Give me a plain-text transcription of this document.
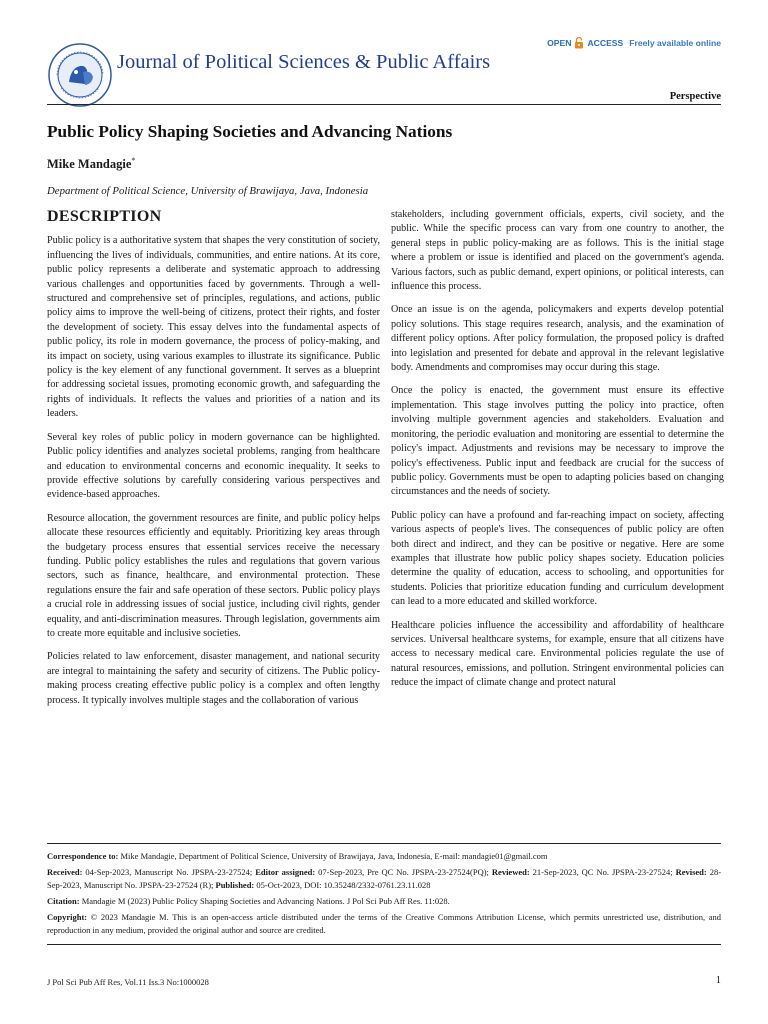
Journal of Political Sciences & Public Affairs
OPEN ACCESS Freely available online
Perspective
Public Policy Shaping Societies and Advancing Nations
Mike Mandagie*
Department of Political Science, University of Brawijaya, Java, Indonesia
DESCRIPTION

Public policy is a authoritative system that shapes the very constitution of society, influencing the lives of individuals, communities, and entire nations. At its core, public policy represents a deliberate and systematic approach to addressing various challenges and opportunities faced by governments. Through a well-structured and comprehensive set of principles, regulations, and actions, public policy aims to improve the well-being of citizens, protect their rights, and foster the development of society. This essay delves into the fundamental aspects of public policy, its role in modern governance, the process of policy-making, and its impact on society, using various examples to illustrate its significance. Public policy is the key element of any functional government. It serves as a blueprint for addressing societal issues, promoting economic growth, and safeguarding the rights of individuals. It reflects the values and priorities of a nation and its leaders.

Several key roles of public policy in modern governance can be highlighted. Public policy identifies and analyzes societal problems, ranging from healthcare and education to environmental concerns and economic inequality. It seeks to provide effective solutions by carefully considering various perspectives and evidence-based approaches.

Resource allocation, the government resources are finite, and public policy helps allocate these resources efficiently and equitably. Prioritizing key areas through the budgetary process ensures that essential services receive the necessary funding. Public policy establishes the rules and regulations that govern various sectors, such as finance, healthcare, and environmental protection. These regulations ensure the fair and safe operation of these sectors. Public policy plays a crucial role in addressing issues of social justice, including civil rights, gender equality, and anti-discrimination measures. Through legislation, governments aim to create more equitable and inclusive societies.

Policies related to law enforcement, disaster management, and national security are integral to maintaining the safety and security of citizens. The Public policy-making process creating effective public policy is a complex and often lengthy process. It typically involves multiple stages and the collaboration of various

stakeholders, including government officials, experts, civil society, and the public. While the specific process can vary from one country to another, the general steps in public policy-making are as follows. This is the initial stage where a problem or issue is identified and placed on the government's agenda. Various factors, such as public demand, expert opinions, or political interests, can influence this process.

Once an issue is on the agenda, policymakers and experts develop potential policy solutions. This stage requires research, analysis, and the examination of different policy options. After policy formulation, the proposed policy is drafted into legislation and presented for debate and approval in the relevant legislative body. Amendments and compromises may occur during this stage.

Once the policy is enacted, the government must ensure its effective implementation. This stage involves putting the policy into practice, often involving multiple government agencies and stakeholders. Evaluation and monitoring, the periodic evaluation and monitoring are essential to determine the policy's impact. Adjustments and revisions may be necessary to improve the policy's effectiveness. Public input and feedback are crucial for the success of public policy. Governments must be open to adapting policies based on changing circumstances and the needs of society.

Public policy can have a profound and far-reaching impact on society, affecting various aspects of people's lives. The consequences of public policy are often both direct and indirect, and they can be positive or negative. Here are some examples that illustrate how public policy shapes society. Education policies determine the quality of education, access to schooling, and opportunities for students. Policies that prioritize education funding and curriculum development can lead to a more educated and skilled workforce.

Healthcare policies influence the accessibility and affordability of healthcare services. Universal healthcare systems, for example, ensure that all citizens have access to necessary medical care. Environmental policies regulate the use of natural resources, emissions, and pollution. Stringent environmental policies can reduce the impact of climate change and protect natural

Correspondence to: Mike Mandagie, Department of Political Science, University of Brawijaya, Java, Indonesia, E-mail: mandagie01@gmail.com

Received: 04-Sep-2023, Manuscript No. JPSPA-23-27524; Editor assigned: 07-Sep-2023, Pre QC No. JPSPA-23-27524(PQ); Reviewed: 21-Sep-2023, QC No. JPSPA-23-27524; Revised: 28-Sep-2023, Manuscript No. JPSPA-23-27524 (R); Published: 05-Oct-2023, DOI: 10.35248/2332-0761.23.11.028

Citation: Mandagie M (2023) Public Policy Shaping Societies and Advancing Nations. J Pol Sci Pub Aff Res. 11:028.

Copyright: © 2023 Mandagie M. This is an open-access article distributed under the terms of the Creative Commons Attribution License, which permits unrestricted use, distribution, and reproduction in any medium, provided the original author and source are credited.

J Pol Sci Pub Aff Res, Vol.11 Iss.3 No:1000028	1
